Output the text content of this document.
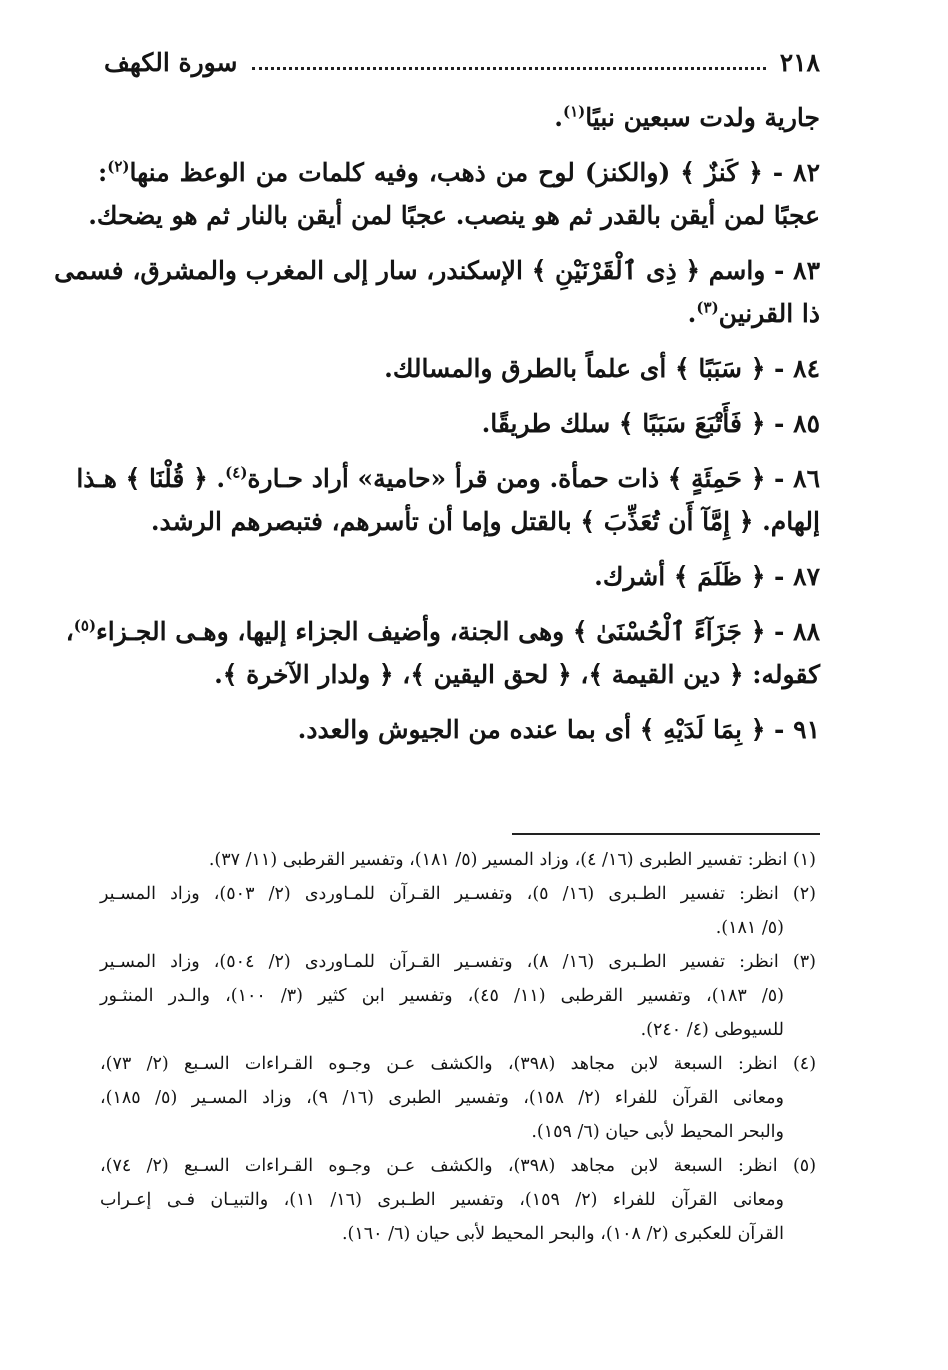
٢١٨
سورة الكهف
جارية ولدت سبعين نبيًا$^{(١)}$.
٨٢ - ﴿ كَنزٌ ﴾ (والكنز) لوح من ذهب، وفيه كلمات من الوعظ منها$^{(٢)}$:
عجبًا لمن أيقن بالقدر ثم هو ينصب. عجبًا لمن أيقن بالنار ثم هو يضحك.
٨٣ - واسم ﴿ ذِى ٱلْقَرْنَيْنِ ﴾ الإسكندر، سار إلى المغرب والمشرق، فسمى
ذا القرنين$^{(٣)}$.
٨٤ - ﴿ سَبَبًا ﴾ أى علماً بالطرق والمسالك.
٨٥ - ﴿ فَأَتْبَعَ سَبَبًا ﴾ سلك طريقًا.
٨٦ - ﴿ حَمِئَةٍ ﴾ ذات حمأة. ومن قرأ «حامية» أراد حـارة$^{(٤)}$. ﴿ قُلْنَا ﴾ هـذا
إلهام. ﴿ إِمَّآ أَن تُعَذِّبَ ﴾ بالقتل وإما أن تأسرهم، فتبصرهم الرشد.
٨٧ - ﴿ ظَلَمَ ﴾ أشرك.
٨٨ - ﴿ جَزَآءً ٱلْحُسْنَىٰ ﴾ وهى الجنة، وأضيف الجزاء إليها، وهـى الجـزاء$^{(٥)}$،
كقوله: ﴿ دين القيمة ﴾، ﴿ لحق اليقين ﴾، ﴿ ولدار الآخرة ﴾.
٩١ - ﴿ بِمَا لَدَيْهِ ﴾ أى بما عنده من الجيوش والعدد.
(١) انظر: تفسير الطبرى (١٦/ ٤)، وزاد المسير (٥/ ١٨١)، وتفسير القرطبى (١١/ ٣٧).
(٢) انظر: تفسير الطـبرى (١٦/ ٥)، وتفسـير القـرآن للمـاوردى (٢/ ٥٠٣)، وزاد المسـير
(٥/ ١٨١).
(٣) انظر: تفسير الطـبرى (١٦/ ٨)، وتفسـير القـرآن للمـاوردى (٢/ ٥٠٤)، وزاد المسـير
(٥/ ١٨٣)، وتفسير القرطبى (١١/ ٤٥)، وتفسير ابن كثير (٣/ ١٠٠)، والـدر المنثـور
للسيوطى (٤/ ٢٤٠).
(٤) انظر: السبعة لابن مجاهد (٣٩٨)، والكشف عـن وجـوه القـراءات السـبع (٢/ ٧٣)،
ومعانى القرآن للفراء (٢/ ١٥٨)، وتفسير الطبرى (١٦/ ٩)، وزاد المسـير (٥/ ١٨٥)،
والبحر المحيط لأبى حيان (٦/ ١٥٩).
(٥) انظر: السبعة لابن مجاهد (٣٩٨)، والكشف عـن وجـوه القـراءات السـبع (٢/ ٧٤)،
ومعانى القرآن للفراء (٢/ ١٥٩)، وتفسير الطـبرى (١٦/ ١١)، والتبيـان فـى إعـراب
القرآن للعكبرى (٢/ ١٠٨)، والبحر المحيط لأبى حيان (٦/ ١٦٠).
